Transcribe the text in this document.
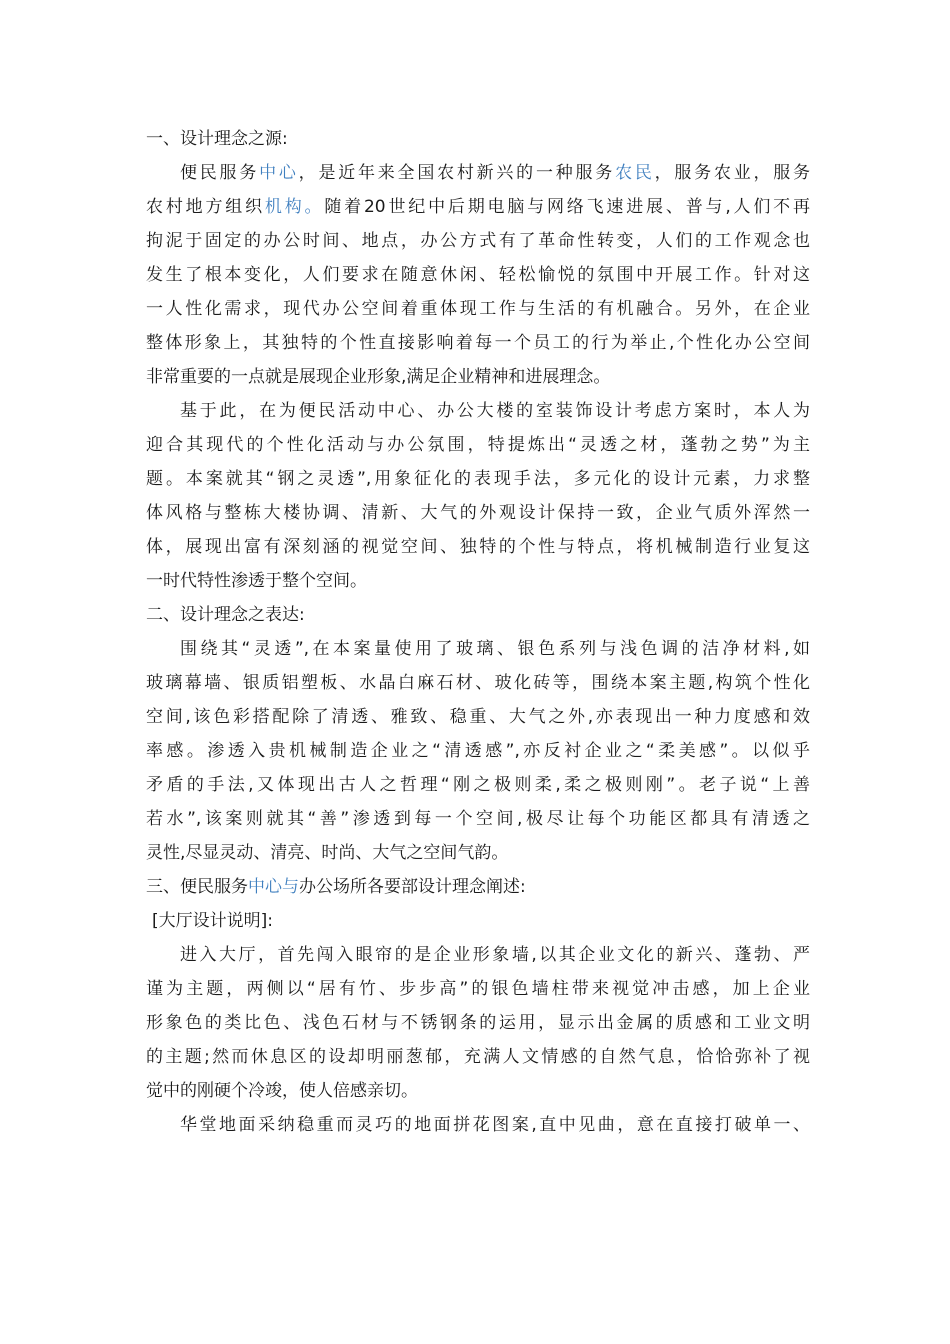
一、设计理念之源:
便民服务中心，是近年来全国农村新兴的一种服务农民，服务农业，服务
农村地方组织机构。随着20世纪中后期电脑与网络飞速进展、普与,人们不再
拘泥于固定的办公时间、地点，办公方式有了革命性转变，人们的工作观念也
发生了根本变化，人们要求在随意休闲、轻松愉悦的氛围中开展工作。针对这
一人性化需求，现代办公空间着重体现工作与生活的有机融合。另外，在企业
整体形象上，其独特的个性直接影响着每一个员工的行为举止,个性化办公空间
非常重要的一点就是展现企业形象,满足企业精神和进展理念。
基于此，在为便民活动中心、办公大楼的室装饰设计考虑方案时，本人为
迎合其现代的个性化活动与办公氛围，特提炼出“灵透之材，蓬勃之势”为主
题。本案就其“钢之灵透”,用象征化的表现手法，多元化的设计元素，力求整
体风格与整栋大楼协调、清新、大气的外观设计保持一致，企业气质外浑然一
体，展现出富有深刻涵的视觉空间、独特的个性与特点，将机械制造行业复这
一时代特性渗透于整个空间。
二、设计理念之表达:
围绕其“灵透”,在本案量使用了玻璃、银色系列与浅色调的洁净材料,如
玻璃幕墙、银质铝塑板、水晶白麻石材、玻化砖等，围绕本案主题,构筑个性化
空间,该色彩搭配除了清透、雅致、稳重、大气之外,亦表现出一种力度感和效
率感。渗透入贵机械制造企业之“清透感”,亦反衬企业之“柔美感”。以似乎
矛盾的手法,又体现出古人之哲理“刚之极则柔,柔之极则刚”。老子说“上善
若水”,该案则就其“善”渗透到每一个空间,极尽让每个功能区都具有清透之
灵性,尽显灵动、清亮、时尚、大气之空间气韵。
三、便民服务中心与办公场所各要部设计理念阐述:
[大厅设计说明]:
进入大厅，首先闯入眼帘的是企业形象墙,以其企业文化的新兴、蓬勃、严
谨为主题，两侧以“居有竹、步步高”的银色墙柱带来视觉冲击感，加上企业
形象色的类比色、浅色石材与不锈钢条的运用，显示出金属的质感和工业文明
的主题;然而休息区的设却明丽葱郁，充满人文情感的自然气息，恰恰弥补了视
觉中的刚硬个冷竣，使人倍感亲切。
华堂地面采纳稳重而灵巧的地面拼花图案,直中见曲，意在直接打破单一、
